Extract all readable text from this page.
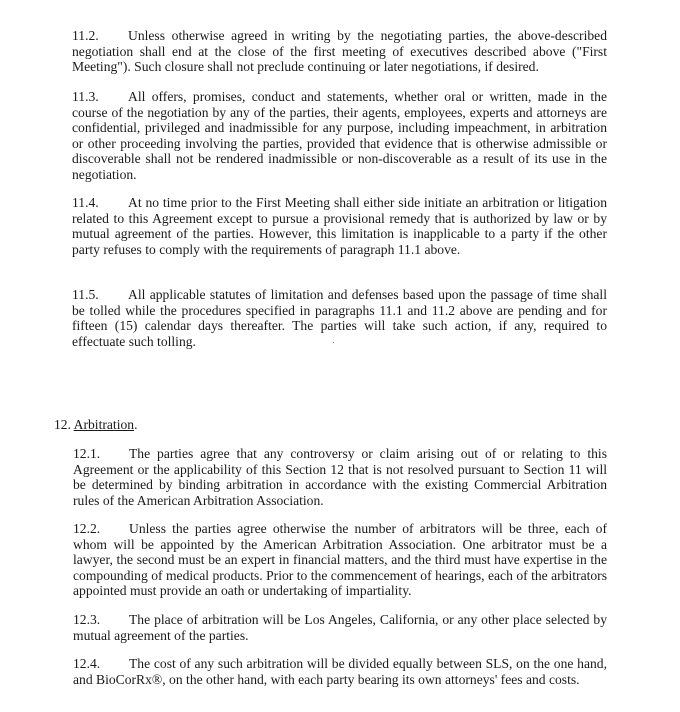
11.2. Unless otherwise agreed in writing by the negotiating parties, the above-described negotiation shall end at the close of the first meeting of executives described above ("First Meeting"). Such closure shall not preclude continuing or later negotiations, if desired.

11.3. All offers, promises, conduct and statements, whether oral or written, made in the course of the negotiation by any of the parties, their agents, employees, experts and attorneys are confidential, privileged and inadmissible for any purpose, including impeachment, in arbitration or other proceeding involving the parties, provided that evidence that is otherwise admissible or discoverable shall not be rendered inadmissible or non-discoverable as a result of its use in the negotiation.

11.4. At no time prior to the First Meeting shall either side initiate an arbitration or litigation related to this Agreement except to pursue a provisional remedy that is authorized by law or by mutual agreement of the parties. However, this limitation is inapplicable to a party if the other party refuses to comply with the requirements of paragraph 11.1 above.

11.5. All applicable statutes of limitation and defenses based upon the passage of time shall be tolled while the procedures specified in paragraphs 11.1 and 11.2 above are pending and for fifteen (15) calendar days thereafter. The parties will take such action, if any, required to effectuate such tolling.

12. Arbitration.

12.1. The parties agree that any controversy or claim arising out of or relating to this Agreement or the applicability of this Section 12 that is not resolved pursuant to Section 11 will be determined by binding arbitration in accordance with the existing Commercial Arbitration rules of the American Arbitration Association.

12.2. Unless the parties agree otherwise the number of arbitrators will be three, each of whom will be appointed by the American Arbitration Association. One arbitrator must be a lawyer, the second must be an expert in financial matters, and the third must have expertise in the compounding of medical products. Prior to the commencement of hearings, each of the arbitrators appointed must provide an oath or undertaking of impartiality.

12.3. The place of arbitration will be Los Angeles, California, or any other place selected by mutual agreement of the parties.

12.4. The cost of any such arbitration will be divided equally between SLS, on the one hand, and BioCorRx®, on the other hand, with each party bearing its own attorneys' fees and costs.
